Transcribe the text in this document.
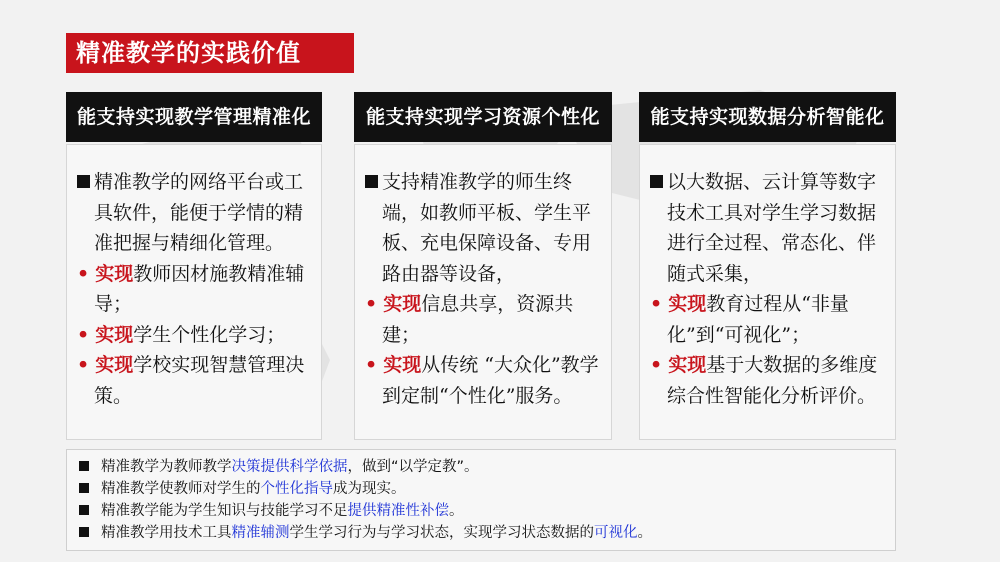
精准教学的实践价值
能支持实现教学管理精准化

精准教学的网络平台或工具软件，能便于学情的精准把握与精细化管理。

• 实现教师因材施教精准辅导；

• 实现学生个性化学习；

• 实现学校实现智慧管理决策。

能支持实现学习资源个性化

支持精准教学的师生终端，如教师平板、学生平板、充电保障设备、专用路由器等设备，

• 实现信息共享，资源共建；

• 实现从传统 “大众化”教学到定制“个性化”服务。

能支持实现数据分析智能化

以大数据、云计算等数字技术工具对学生学习数据进行全过程、常态化、伴随式采集，

• 实现教育过程从“非量化”到“可视化”；

• 实现基于大数据的多维度综合性智能化分析评价。

精准教学为教师教学决策提供科学依据，做到“以学定教”。
精准教学使教师对学生的个性化指导成为现实。
精准教学能为学生知识与技能学习不足提供精准性补偿。
精准教学用技术工具精准辅测学生学习行为与学习状态，实现学习状态数据的可视化。
